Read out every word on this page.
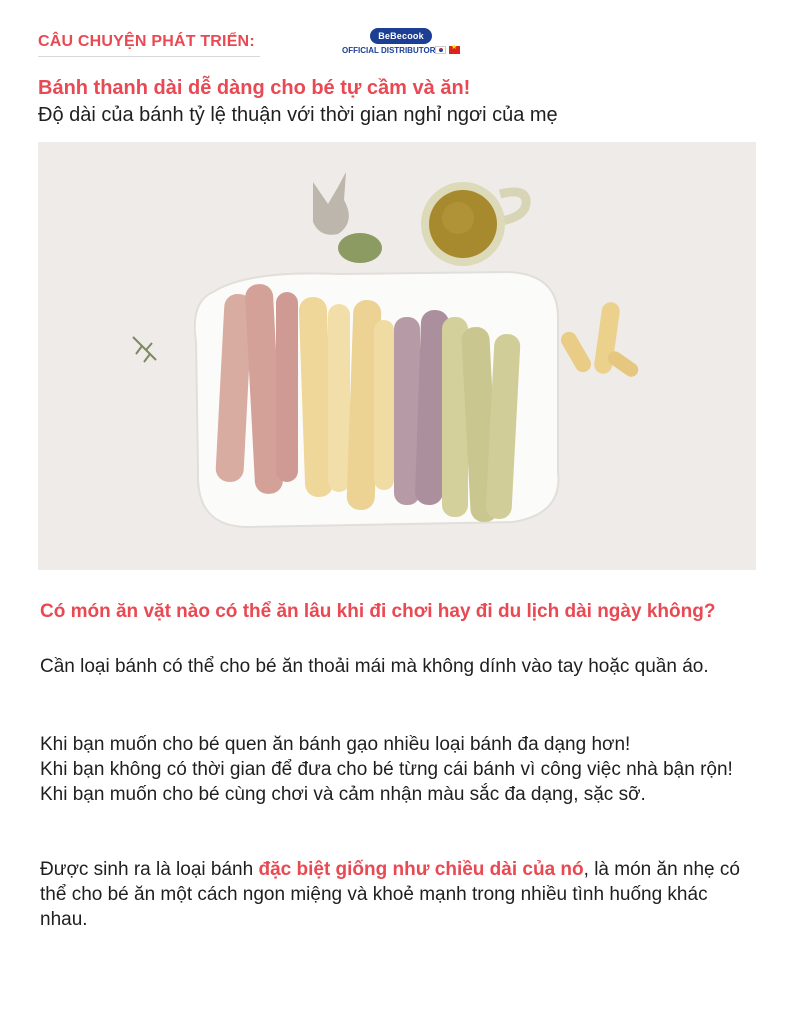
CÂU CHUYỆN PHÁT TRIỂN:	BeBecook
OFFICIAL DISTRIBUTOR
★
Bánh thanh dài dễ dàng cho bé tự cầm và ăn!
Độ dài của bánh tỷ lệ thuận với thời gian nghỉ ngơi của mẹ
Có món ăn vặt nào có thể ăn lâu khi đi chơi hay đi du lịch dài ngày không?
Cần loại bánh có thể cho bé ăn thoải mái mà không dính vào tay hoặc quần áo.
Khi bạn muốn cho bé quen ăn bánh gạo nhiều loại bánh đa dạng hơn!
Khi bạn không có thời gian để đưa cho bé từng cái bánh vì công việc nhà bận rộn!
Khi bạn muốn cho bé cùng chơi và cảm nhận màu sắc đa dạng, sặc sỡ.
Được sinh ra là loại bánh đặc biệt giống như chiều dài của nó, là món ăn nhẹ có thể cho bé ăn một cách ngon miệng và khoẻ mạnh trong nhiều tình huống khác nhau.
